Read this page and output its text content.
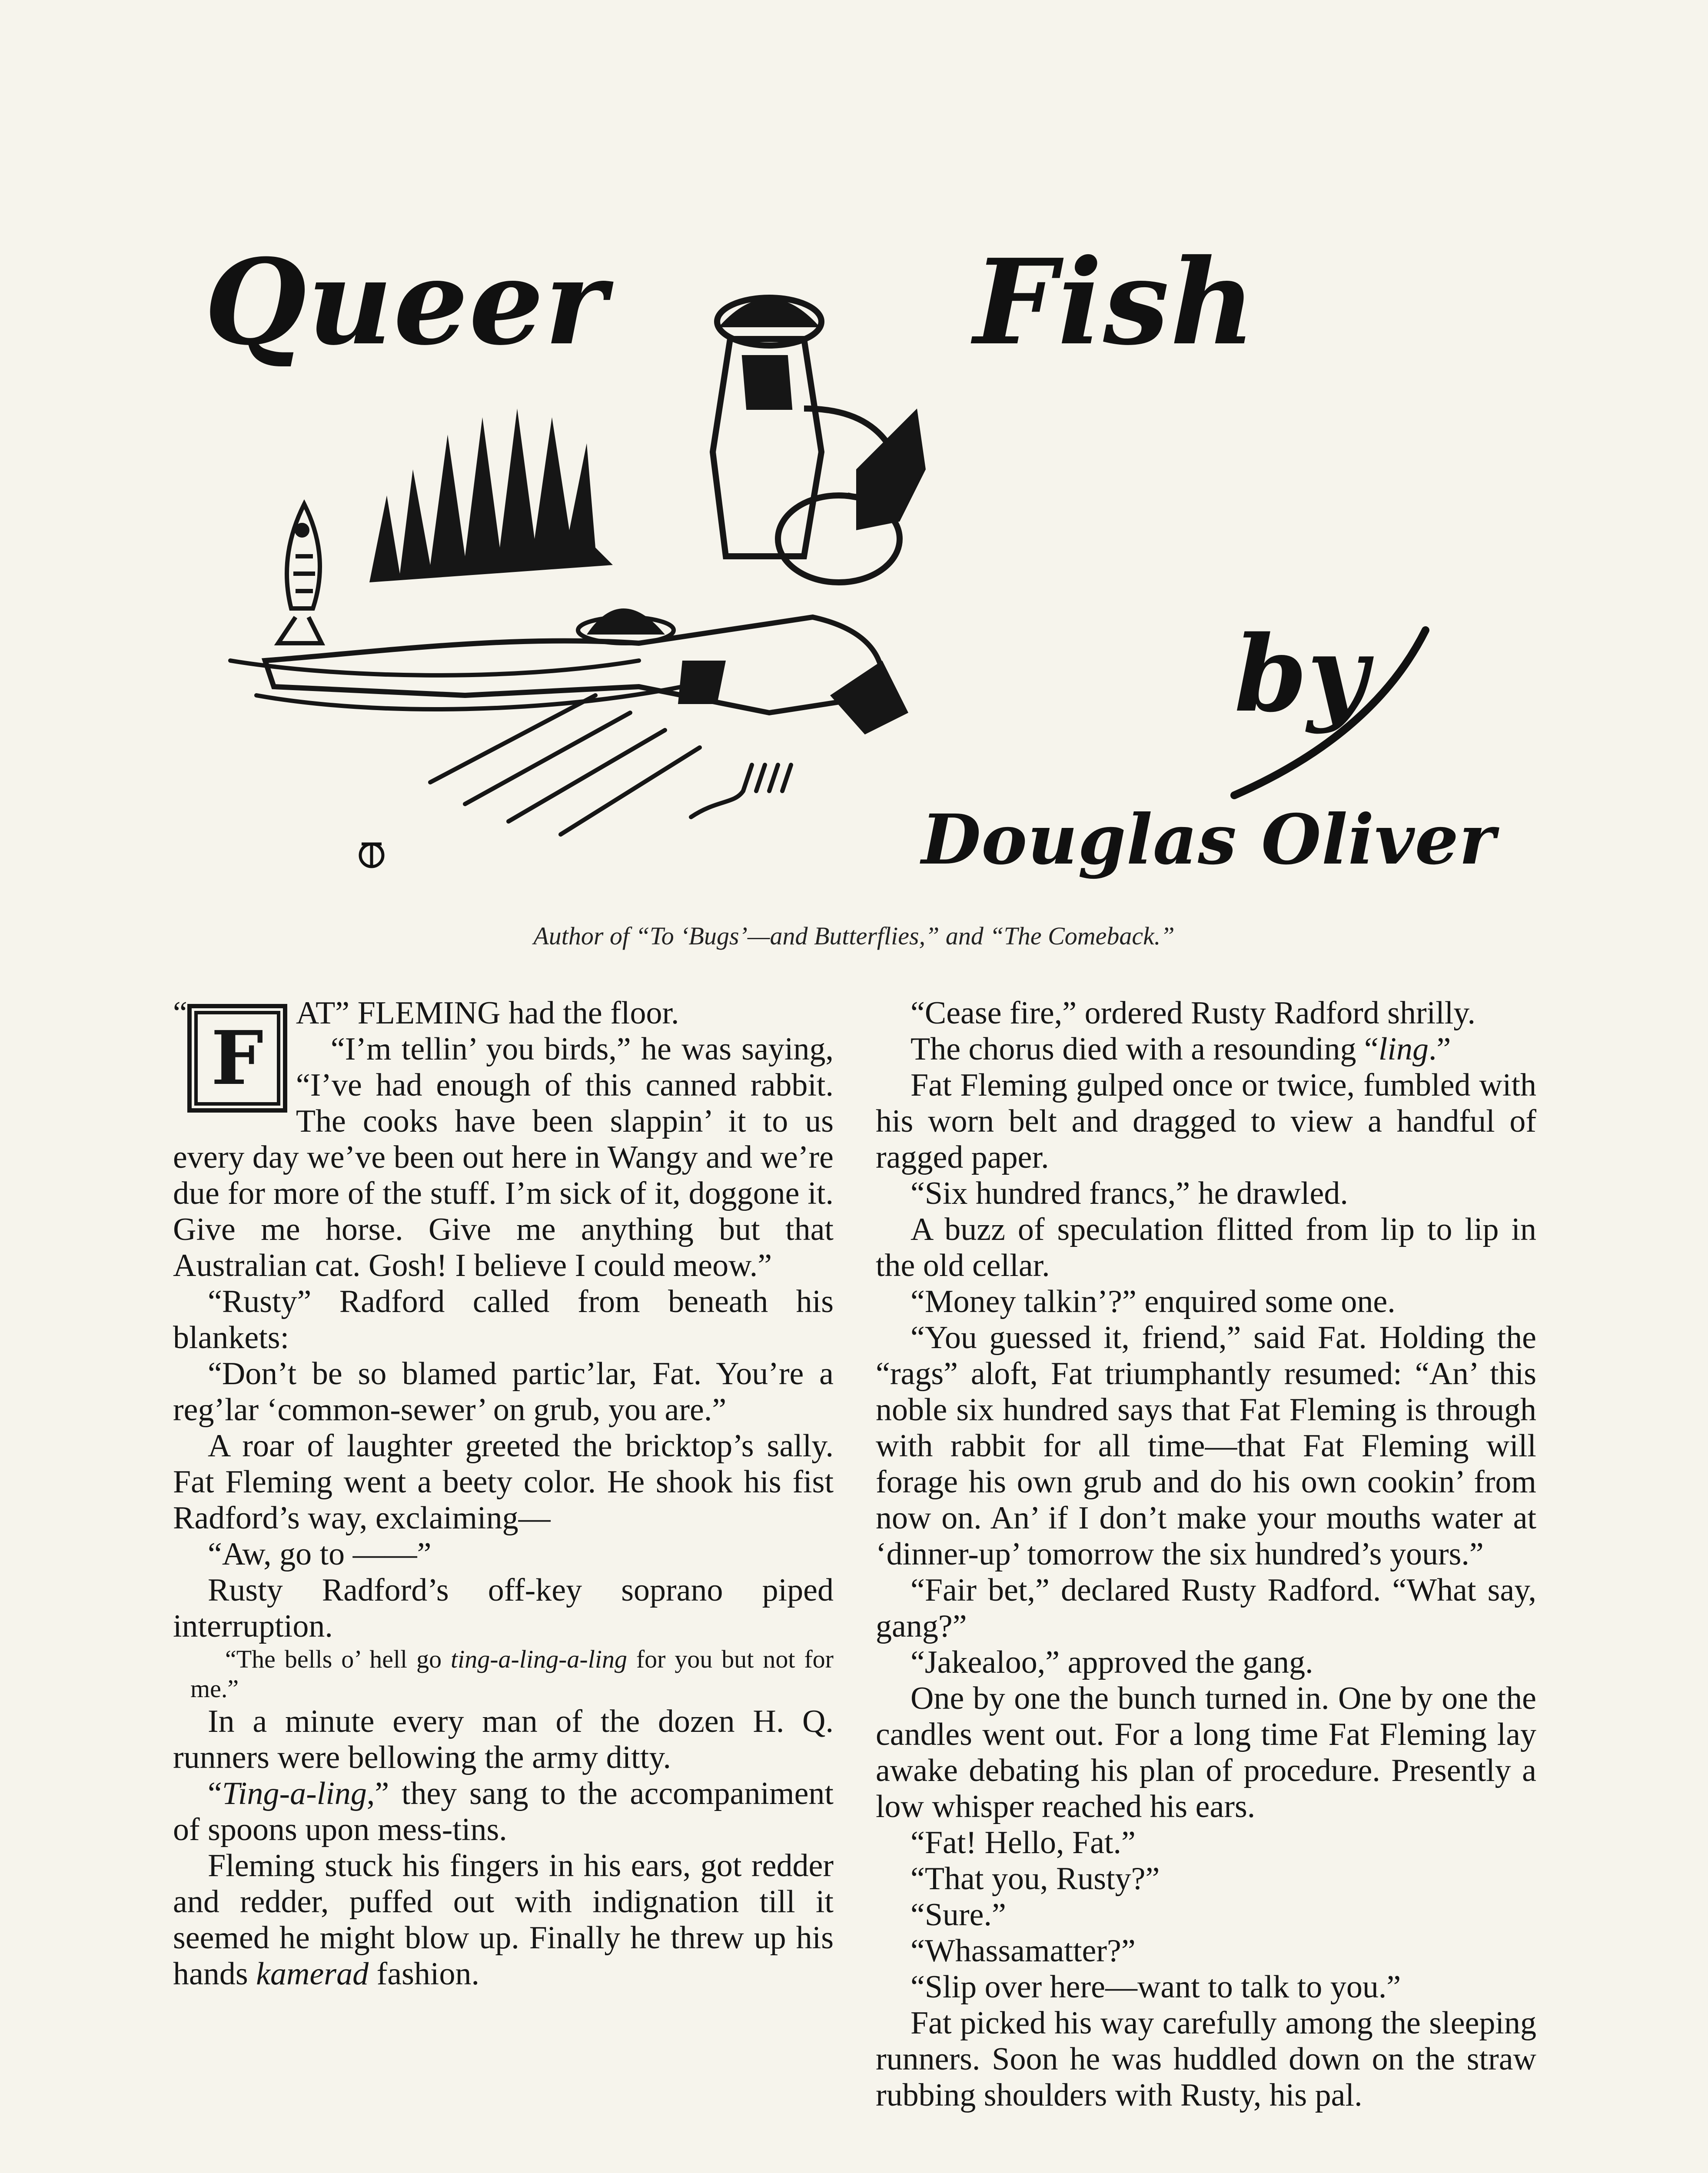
Queer	Fish
by
Douglas Oliver
Author of “To ‘Bugs’—and Butterflies,” and “The Comeback.”
“
F

AT” FLEMING had the floor.

“I’m tellin’ you birds,” he was saying, “I’ve had enough of this canned rabbit. The cooks have been slappin’ it to us every day we’ve been out here in Wangy and we’re due for more of the stuff. I’m sick of it, doggone it. Give me horse. Give me anything but that Australian cat. Gosh! I believe I could meow.”

“Rusty” Radford called from beneath his blankets:

“Don’t be so blamed partic’lar, Fat. You’re a reg’lar ‘common-sewer’ on grub, you are.”

A roar of laughter greeted the bricktop’s sally. Fat Fleming went a beety color. He shook his fist Radford’s way, exclaiming—

“Aw, go to ——”

Rusty Radford’s off-key soprano piped interruption.

“The bells o’ hell go ting-a-ling-a-ling for you but not for me.”

In a minute every man of the dozen H. Q. runners were bellowing the army ditty.

“Ting-a-ling,” they sang to the accompaniment of spoons upon mess-tins.

Fleming stuck his fingers in his ears, got redder and redder, puffed out with indignation till it seemed he might blow up. Finally he threw up his hands kamerad fashion.

“Cease fire,” ordered Rusty Radford shrilly.

The chorus died with a resounding “ling.”

Fat Fleming gulped once or twice, fumbled with his worn belt and dragged to view a handful of ragged paper.

“Six hundred francs,” he drawled.

A buzz of speculation flitted from lip to lip in the old cellar.

“Money talkin’?” enquired some one.

“You guessed it, friend,” said Fat. Holding the “rags” aloft, Fat triumphantly resumed: “An’ this noble six hundred says that Fat Fleming is through with rabbit for all time—that Fat Fleming will forage his own grub and do his own cookin’ from now on. An’ if I don’t make your mouths water at ‘dinner-up’ tomorrow the six hundred’s yours.”

“Fair bet,” declared Rusty Radford. “What say, gang?”

“Jakealoo,” approved the gang.

One by one the bunch turned in. One by one the candles went out. For a long time Fat Fleming lay awake debating his plan of procedure. Presently a low whisper reached his ears.

“Fat! Hello, Fat.”

“That you, Rusty?”

“Sure.”

“Whassamatter?”

“Slip over here—want to talk to you.”

Fat picked his way carefully among the sleeping runners. Soon he was huddled down on the straw rubbing shoulders with Rusty, his pal.
